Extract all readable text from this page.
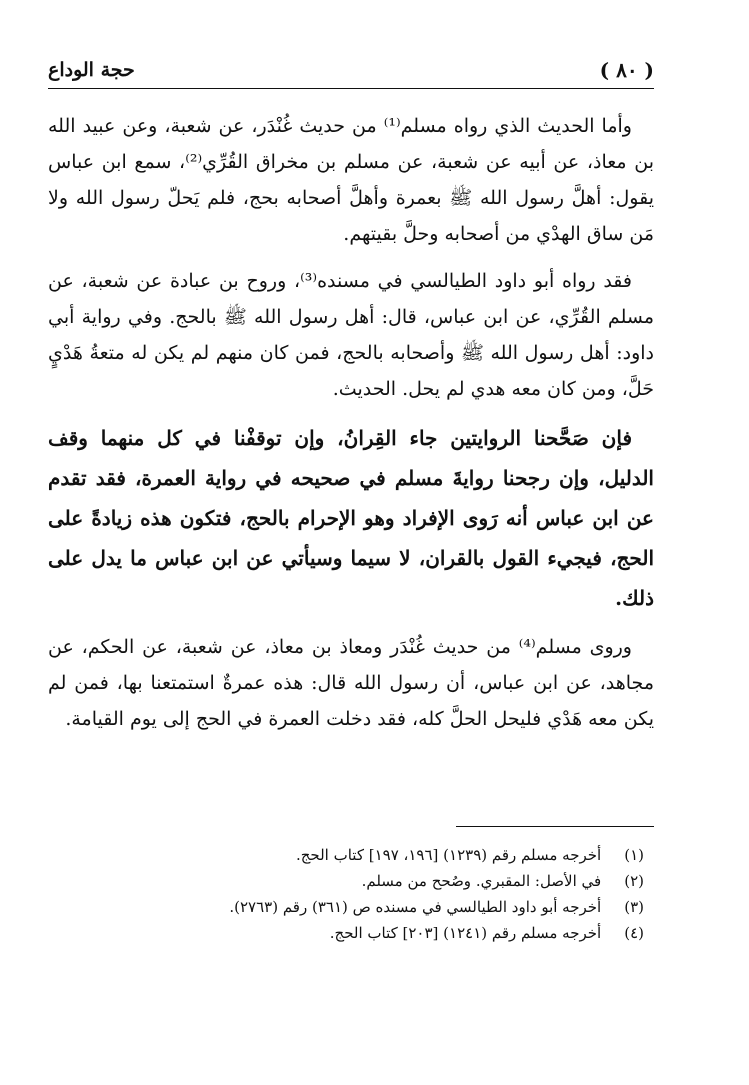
( ٨٠ )
حجة الوداع

وأما الحديث الذي رواه مسلم⁽¹⁾ من حديث غُنْدَر، عن شعبة، وعن عبيد الله بن معاذ، عن أبيه عن شعبة، عن مسلم بن مخراق القُرِّي⁽²⁾، سمع ابن عباس يقول: أهلَّ رسول الله ﷺ بعمرة وأهلَّ أصحابه بحج، فلم يَحلّ رسول الله ولا مَن ساق الهدْي من أصحابه وحلَّ بقيتهم.

فقد رواه أبو داود الطيالسي في مسنده⁽³⁾، وروح بن عبادة عن شعبة، عن مسلم القُرِّي، عن ابن عباس، قال: أهل رسول الله ﷺ بالحج. وفي رواية أبي داود: أهل رسول الله ﷺ وأصحابه بالحج، فمن كان منهم لم يكن له متعةُ هَدْيٍ حَلَّ، ومن كان معه هدي لم يحل. الحديث.

فإن صَحَّحنا الروايتين جاء القِرانُ، وإن توقفْنا في كل منهما وقف الدليل، وإن رجحنا روايةَ مسلم في صحيحه في رواية العمرة، فقد تقدم عن ابن عباس أنه رَوى الإفراد وهو الإحرام بالحج، فتكون هذه زيادةً على الحج، فيجيء القول بالقران، لا سيما وسيأتي عن ابن عباس ما يدل على ذلك.

وروى مسلم⁽⁴⁾ من حديث غُنْدَر ومعاذ بن معاذ، عن شعبة، عن الحكم، عن مجاهد، عن ابن عباس، أن رسول الله قال: هذه عمرةٌ استمتعنا بها، فمن لم يكن معه هَدْي فليحل الحلَّ كله، فقد دخلت العمرة في الحج إلى يوم القيامة.

(١) أخرجه مسلم رقم (١٢٣٩) [١٩٦، ١٩٧] كتاب الحج.
(٢) في الأصل: المقبري. وصُحح من مسلم.
(٣) أخرجه أبو داود الطيالسي في مسنده ص (٣٦١) رقم (٢٧٦٣).
(٤) أخرجه مسلم رقم (١٢٤١) [٢٠٣] كتاب الحج.
